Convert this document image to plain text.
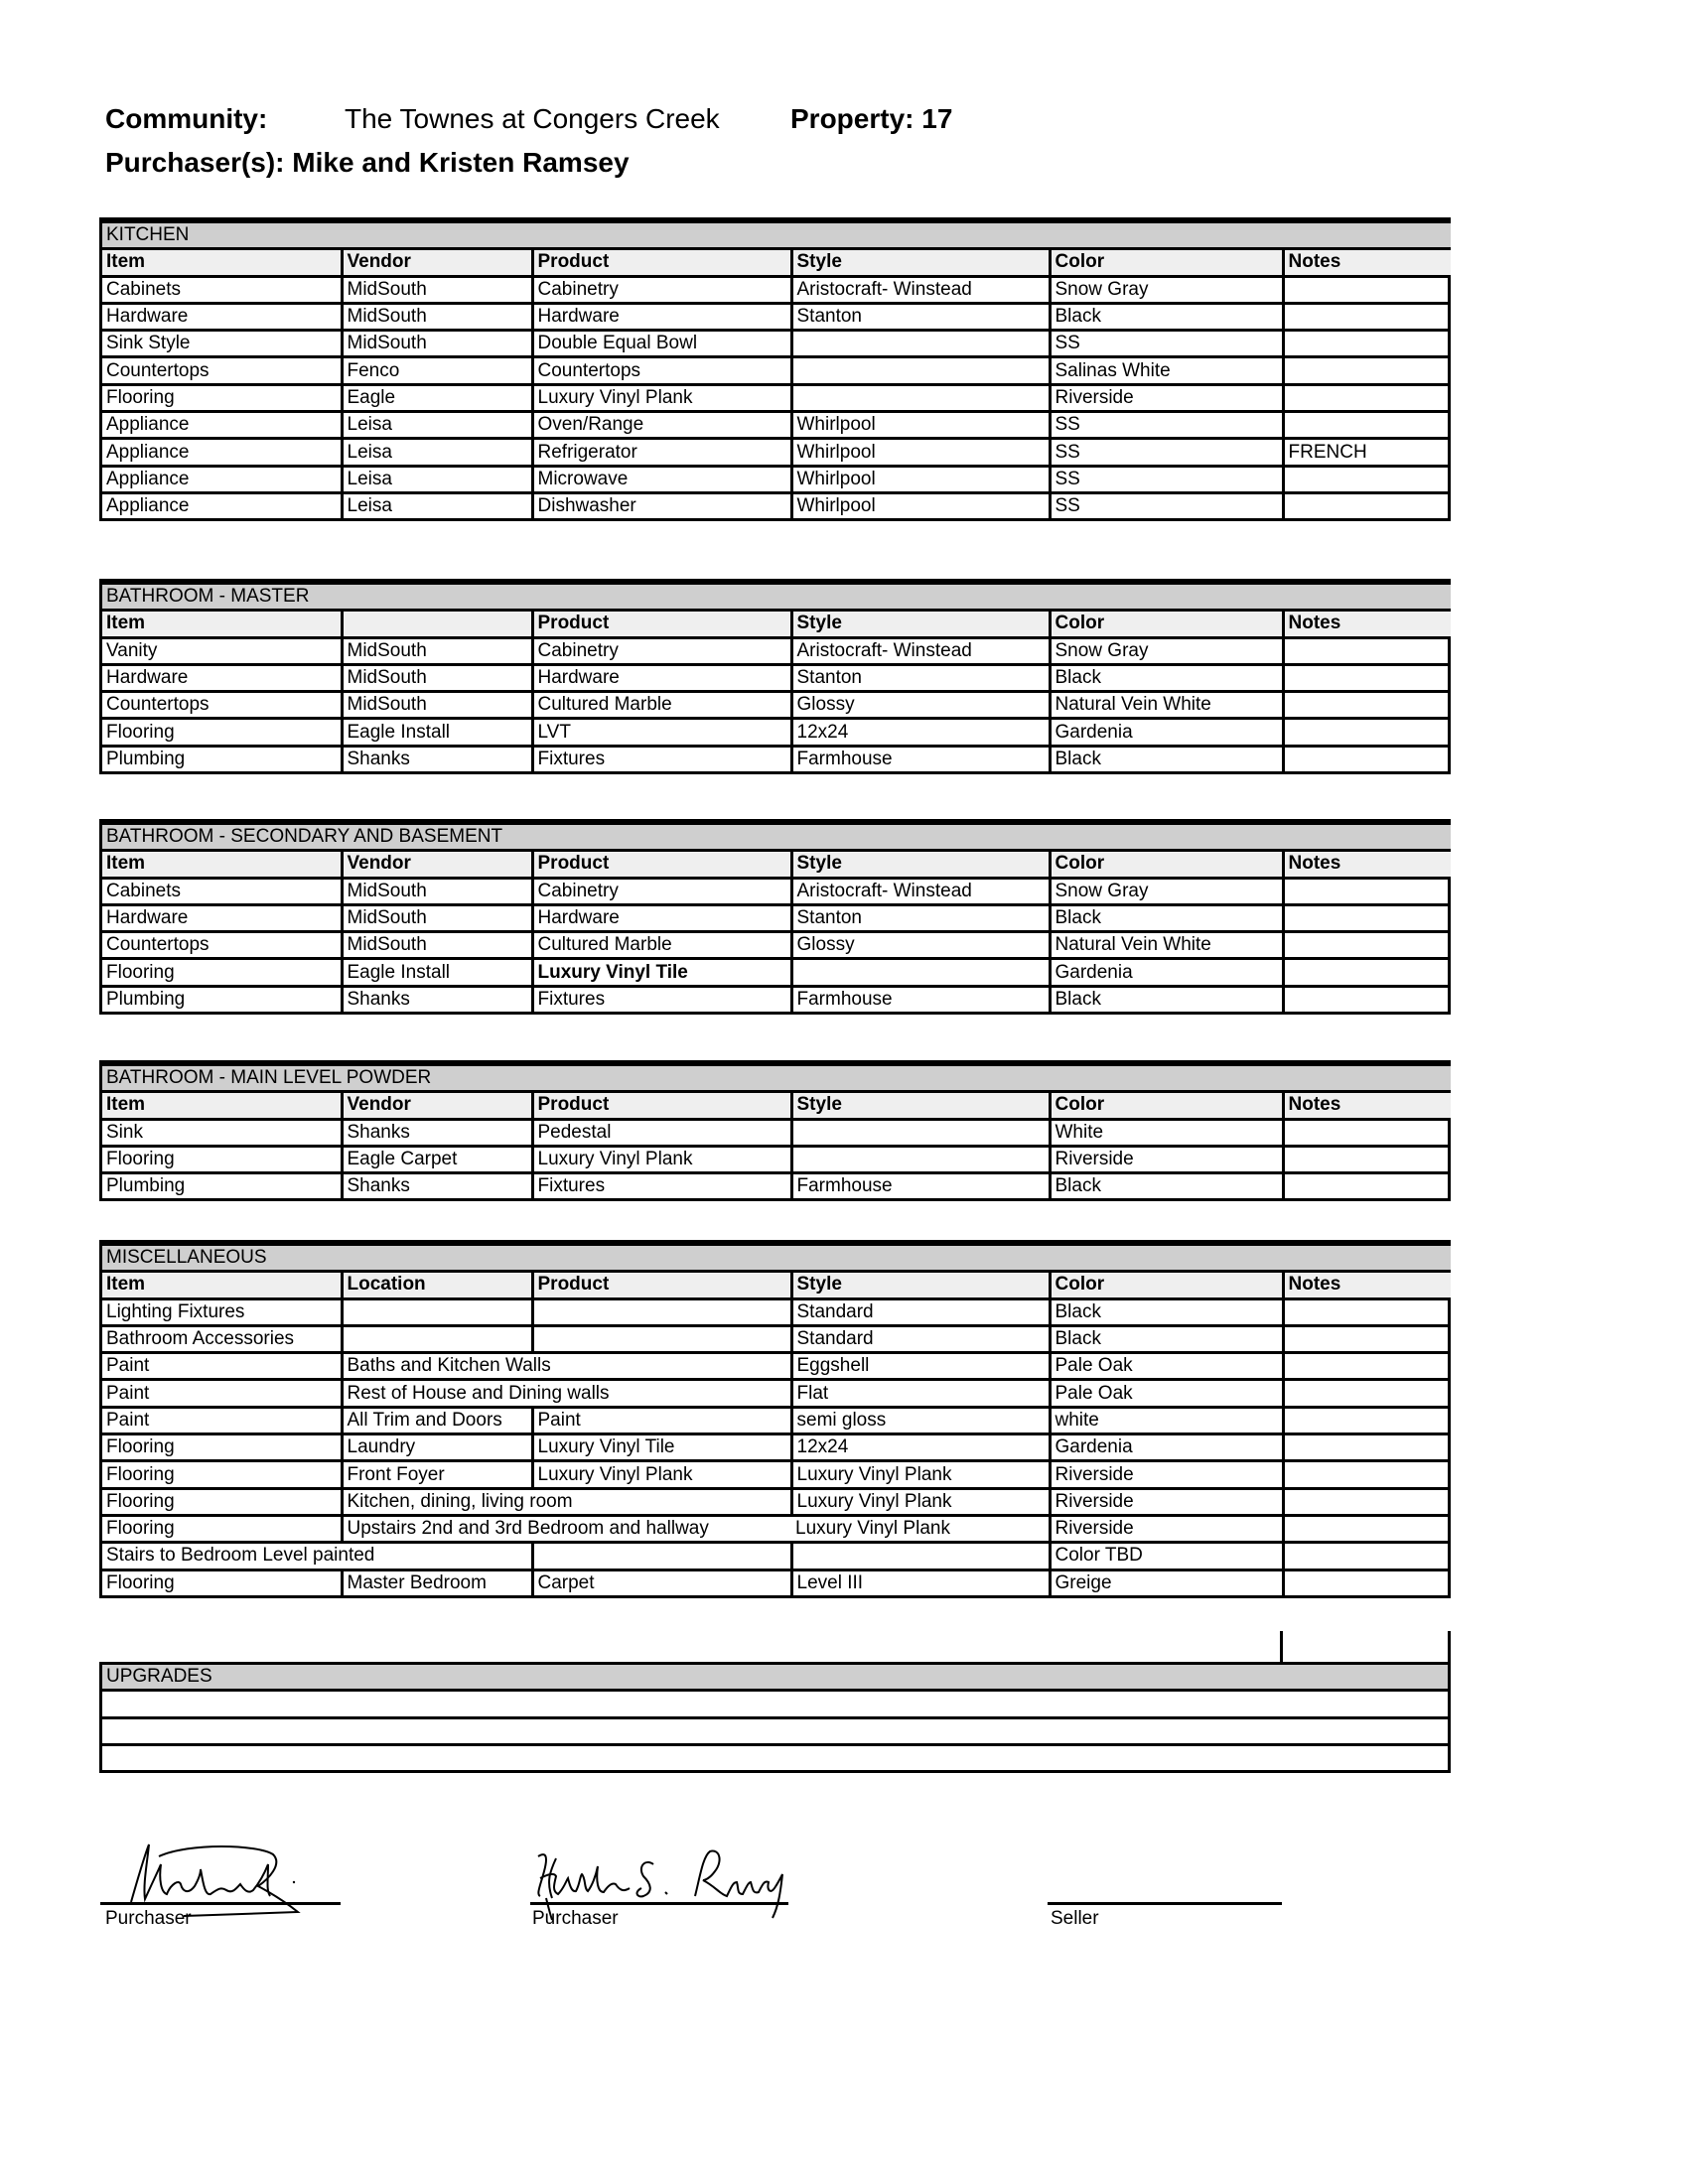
Community:	The Townes at Congers Creek	Property: 17
Purchaser(s): Mike and Kristen Ramsey
KITCHEN					
Item	Vendor	Product	Style	Color	Notes
Cabinets	MidSouth	Cabinetry	Aristocraft- Winstead	Snow Gray	
Hardware	MidSouth	Hardware	Stanton	Black	
Sink Style	MidSouth	Double Equal Bowl		SS	
Countertops	Fenco	Countertops		Salinas White	
Flooring	Eagle	Luxury Vinyl Plank		Riverside	
Appliance	Leisa	Oven/Range	Whirlpool	SS	
Appliance	Leisa	Refrigerator	Whirlpool	SS	FRENCH
Appliance	Leisa	Microwave	Whirlpool	SS	
Appliance	Leisa	Dishwasher	Whirlpool	SS	
BATHROOM - MASTER					
Item		Product	Style	Color	Notes
Vanity	MidSouth	Cabinetry	Aristocraft- Winstead	Snow Gray	
Hardware	MidSouth	Hardware	Stanton	Black	
Countertops	MidSouth	Cultured Marble	Glossy	Natural Vein White	
Flooring	Eagle Install	LVT	12x24	Gardenia	
Plumbing	Shanks	Fixtures	Farmhouse	Black	
BATHROOM - SECONDARY AND BASEMENT					
Item	Vendor	Product	Style	Color	Notes
Cabinets	MidSouth	Cabinetry	Aristocraft- Winstead	Snow Gray	
Hardware	MidSouth	Hardware	Stanton	Black	
Countertops	MidSouth	Cultured Marble	Glossy	Natural Vein White	
Flooring	Eagle Install	Luxury Vinyl Tile		Gardenia	
Plumbing	Shanks	Fixtures	Farmhouse	Black	
BATHROOM - MAIN LEVEL POWDER					
Item	Vendor	Product	Style	Color	Notes
Sink	Shanks	Pedestal		White	
Flooring	Eagle Carpet	Luxury Vinyl Plank		Riverside	
Plumbing	Shanks	Fixtures	Farmhouse	Black	
MISCELLANEOUS					
Item	Location	Product	Style	Color	Notes
Lighting Fixtures			Standard	Black	
Bathroom Accessories			Standard	Black	
Paint	Baths and Kitchen Walls		Eggshell	Pale Oak	
Paint	Rest of House and Dining walls		Flat	Pale Oak	
Paint	All Trim and Doors	Paint	semi gloss	white	
Flooring	Laundry	Luxury Vinyl Tile	12x24	Gardenia	
Flooring	Front Foyer	Luxury Vinyl Plank	Luxury Vinyl Plank	Riverside	
Flooring	Kitchen, dining, living room		Luxury Vinyl Plank	Riverside	
Flooring	Upstairs 2nd and 3rd Bedroom and hallway		Luxury Vinyl Plank	Riverside	
Stairs to Bedroom Level painted				Color TBD	
Flooring	Master Bedroom	Carpet	Level III	Greige	
UPGRADES

Purchaser	Purchaser	Seller
